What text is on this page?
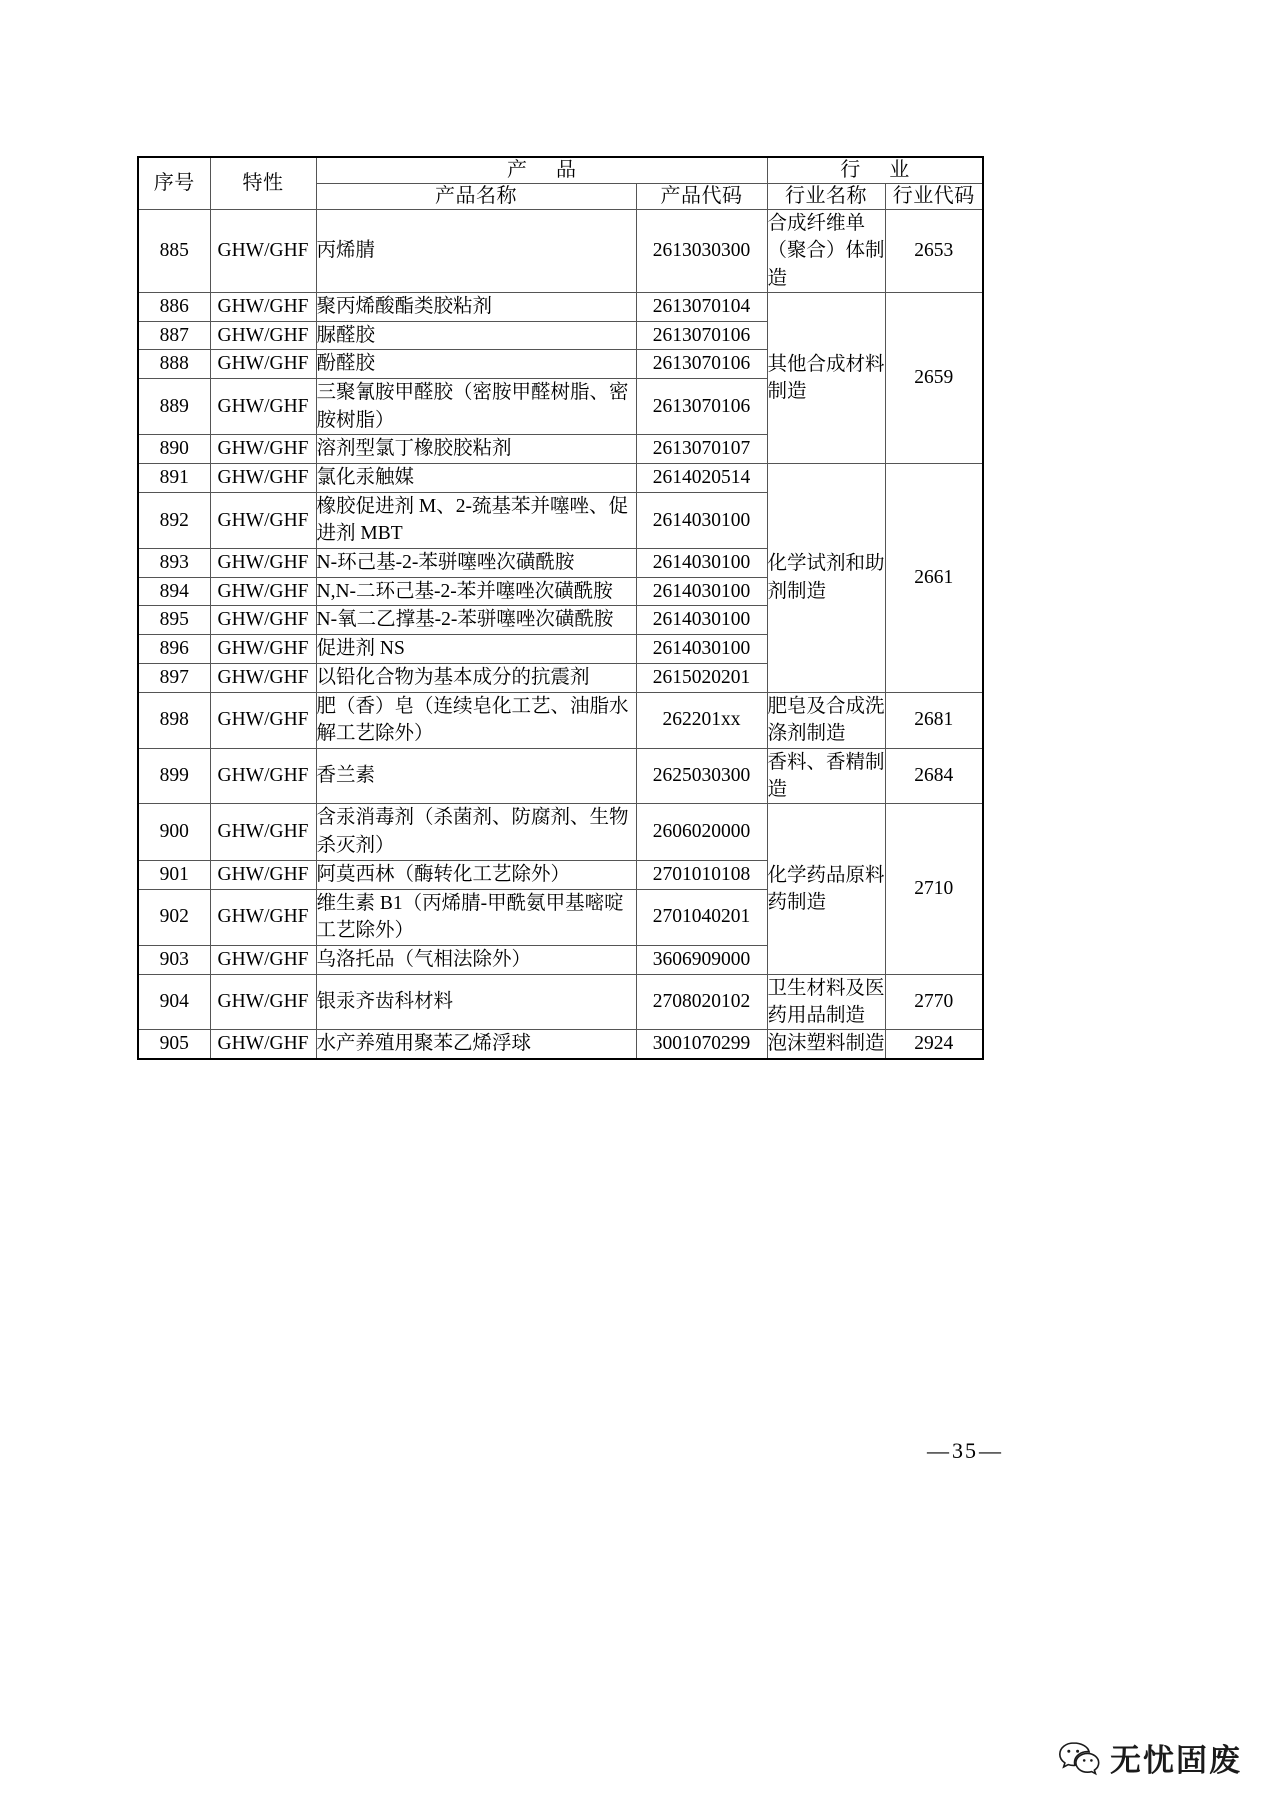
序号	特性	产 品		行 业	
		产品名称	产品代码	行业名称	行业代码
885	GHW/GHF	丙烯腈	2613030300	合成纤维单（聚合）体制造	2653
886	GHW/GHF	聚丙烯酸酯类胶粘剂	2613070104	其他合成材料制造	2659
887	GHW/GHF	脲醛胶	2613070106		
888	GHW/GHF	酚醛胶	2613070106		
889	GHW/GHF	三聚氰胺甲醛胶（密胺甲醛树脂、密胺树脂）	2613070106		
890	GHW/GHF	溶剂型氯丁橡胶胶粘剂	2613070107		
891	GHW/GHF	氯化汞触媒	2614020514	化学试剂和助剂制造	2661
892	GHW/GHF	橡胶促进剂 M、2-巯基苯并噻唑、促进剂 MBT	2614030100		
893	GHW/GHF	N-环己基-2-苯骈噻唑次磺酰胺	2614030100		
894	GHW/GHF	N,N-二环己基-2-苯并噻唑次磺酰胺	2614030100		
895	GHW/GHF	N-氧二乙撑基-2-苯骈噻唑次磺酰胺	2614030100		
896	GHW/GHF	促进剂 NS	2614030100		
897	GHW/GHF	以铅化合物为基本成分的抗震剂	2615020201		
898	GHW/GHF	肥（香）皂（连续皂化工艺、油脂水解工艺除外）	262201xx	肥皂及合成洗涤剂制造	2681
899	GHW/GHF	香兰素	2625030300	香料、香精制造	2684
900	GHW/GHF	含汞消毒剂（杀菌剂、防腐剂、生物杀灭剂）	2606020000	化学药品原料药制造	2710
901	GHW/GHF	阿莫西林（酶转化工艺除外）	2701010108		
902	GHW/GHF	维生素 B1（丙烯腈-甲酰氨甲基嘧啶工艺除外）	2701040201		
903	GHW/GHF	乌洛托品（气相法除外）	3606909000		
904	GHW/GHF	银汞齐齿科材料	2708020102	卫生材料及医药用品制造	2770
905	GHW/GHF	水产养殖用聚苯乙烯浮球	3001070299	泡沫塑料制造	2924
—35—
无忧固废
